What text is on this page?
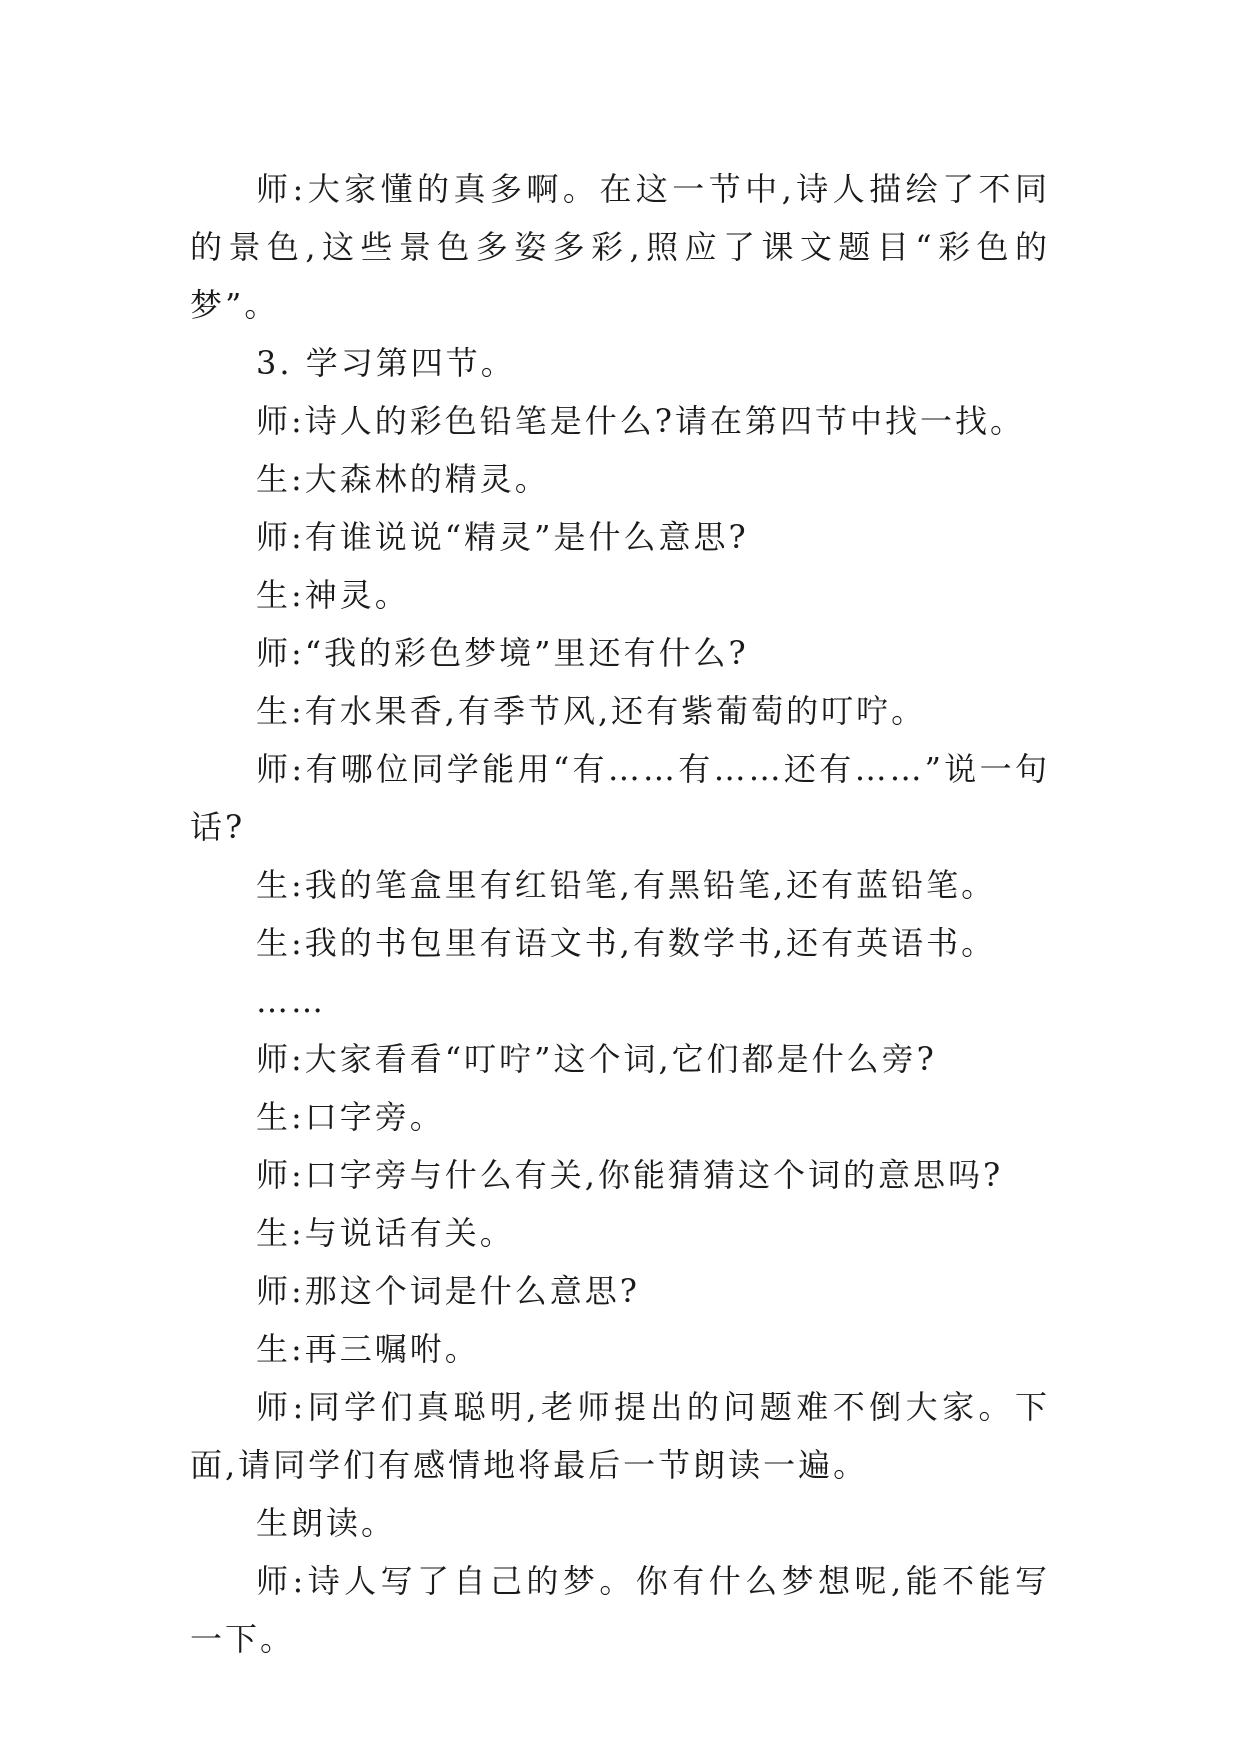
师:大家懂的真多啊。在这一节中,诗人描绘了不同的景色,这些景色多姿多彩,照应了课文题目“彩色的梦”。

3. 学习第四节。

师:诗人的彩色铅笔是什么?请在第四节中找一找。

生:大森林的精灵。

师:有谁说说“精灵”是什么意思?

生:神灵。

师:“我的彩色梦境”里还有什么?

生:有水果香,有季节风,还有紫葡萄的叮咛。

师:有哪位同学能用“有……有……还有……”说一句话?

生:我的笔盒里有红铅笔,有黑铅笔,还有蓝铅笔。

生:我的书包里有语文书,有数学书,还有英语书。

……

师:大家看看“叮咛”这个词,它们都是什么旁?

生:口字旁。

师:口字旁与什么有关,你能猜猜这个词的意思吗?

生:与说话有关。

师:那这个词是什么意思?

生:再三嘱咐。

师:同学们真聪明,老师提出的问题难不倒大家。下面,请同学们有感情地将最后一节朗读一遍。

生朗读。

师:诗人写了自己的梦。你有什么梦想呢,能不能写一下。
